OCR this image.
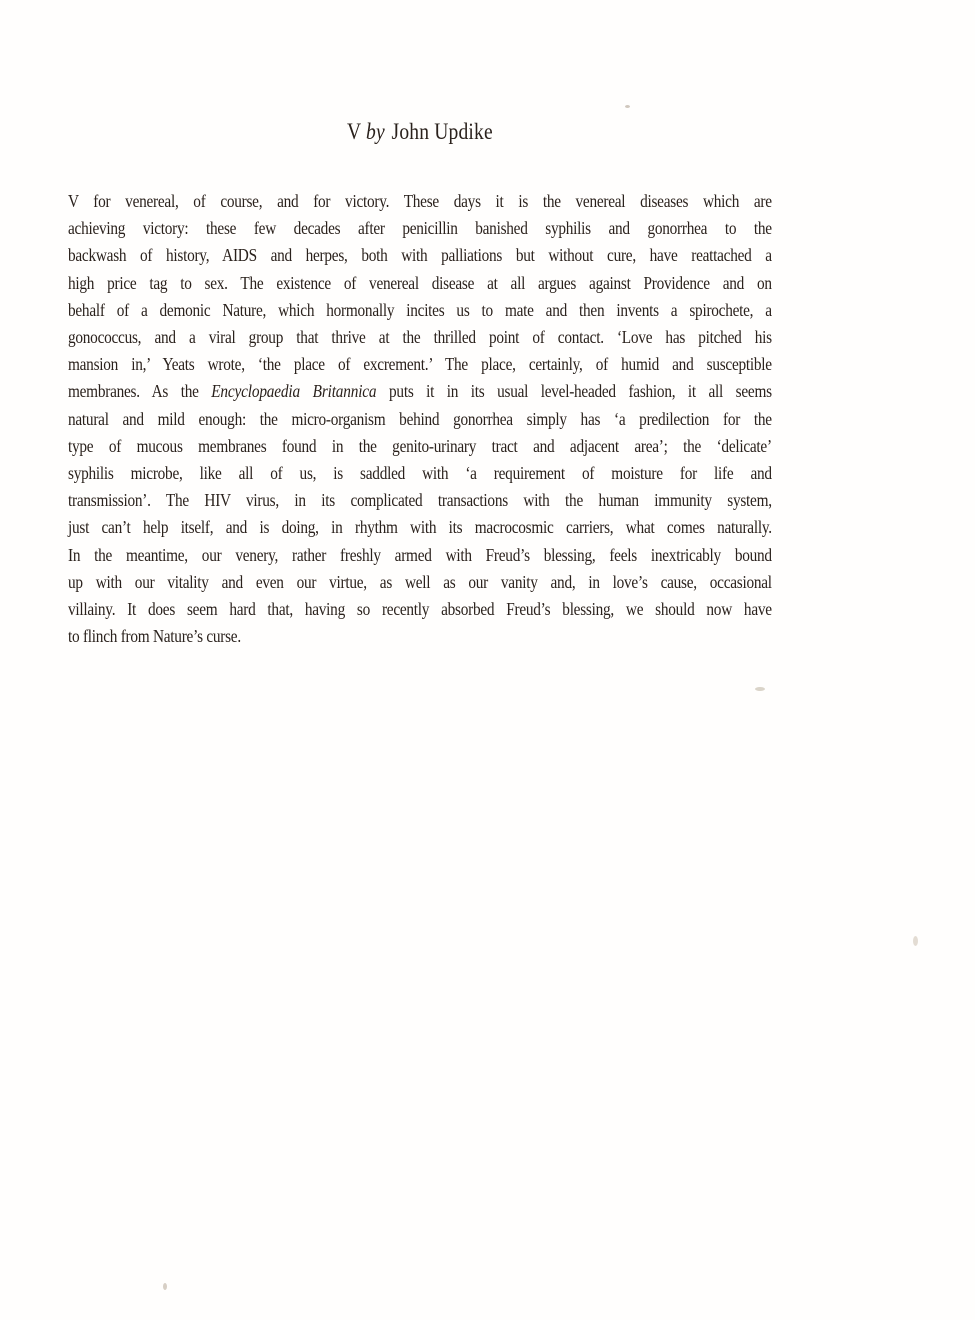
V by John Updike
V for venereal, of course, and for victory. These days it is the venereal diseases which are
achieving victory: these few decades after penicillin banished syphilis and gonorrhea to the
backwash of history, AIDS and herpes, both with palliations but without cure, have reattached a
high price tag to sex. The existence of venereal disease at all argues against Providence and on
behalf of a demonic Nature, which hormonally incites us to mate and then invents a spirochete, a
gonococcus, and a viral group that thrive at the thrilled point of contact. ‘Love has pitched his
mansion in,’ Yeats wrote, ‘the place of excrement.’ The place, certainly, of humid and susceptible
membranes. As the Encyclopaedia Britannica puts it in its usual level-headed fashion, it all seems
natural and mild enough: the micro-organism behind gonorrhea simply has ‘a predilection for the
type of mucous membranes found in the genito-urinary tract and adjacent area’; the ‘delicate’
syphilis microbe, like all of us, is saddled with ‘a requirement of moisture for life and
transmission’. The HIV virus, in its complicated transactions with the human immunity system,
just can’t help itself, and is doing, in rhythm with its macrocosmic carriers, what comes naturally.
In the meantime, our venery, rather freshly armed with Freud’s blessing, feels inextricably bound
up with our vitality and even our virtue, as well as our vanity and, in love’s cause, occasional
villainy. It does seem hard that, having so recently absorbed Freud’s blessing, we should now have
to flinch from Nature’s curse.
